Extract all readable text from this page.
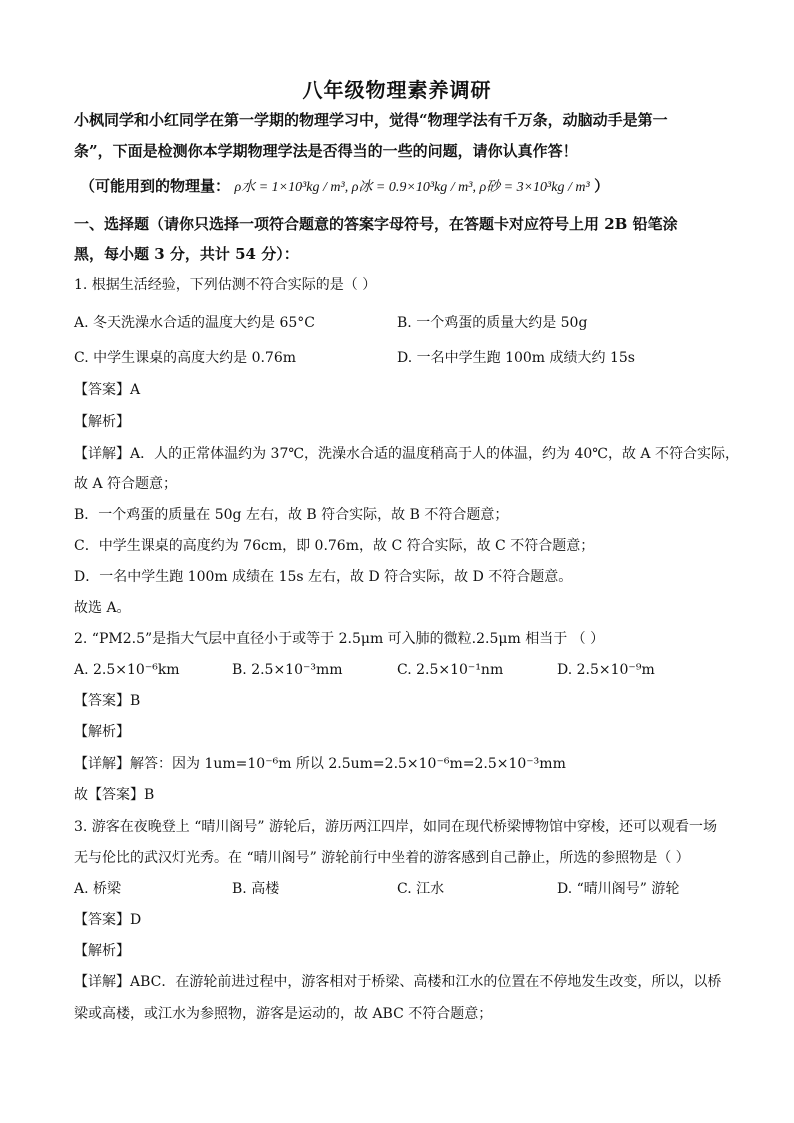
八年级物理素养调研
小枫同学和小红同学在第一学期的物理学习中，觉得“物理学法有千万条，动脑动手是第一
条”，下面是检测你本学期物理学法是否得当的一些的问题，请你认真作答！
（可能用到的物理量： ρ水 = 1×10³kg / m³, ρ冰 = 0.9×10³kg / m³, ρ砂 = 3×10³kg / m³ ）
一、选择题（请你只选择一项符合题意的答案字母符号，在答题卡对应符号上用 2B 铅笔涂
黑，每小题 3 分，共计 54 分）：
1. 根据生活经验，下列估测不符合实际的是（ ）
A. 冬天洗澡水合适的温度大约是 65°C	B. 一个鸡蛋的质量大约是 50g
C. 中学生课桌的高度大约是 0.76m	D. 一名中学生跑 100m 成绩大约 15s
【答案】A
【解析】
【详解】A．人的正常体温约为 37℃，洗澡水合适的温度稍高于人的体温，约为 40℃，故 A 不符合实际，
故 A 符合题意；
B．一个鸡蛋的质量在 50g 左右，故 B 符合实际，故 B 不符合题意；
C．中学生课桌的高度约为 76cm，即 0.76m，故 C 符合实际，故 C 不符合题意；
D．一名中学生跑 100m 成绩在 15s 左右，故 D 符合实际，故 D 不符合题意。
故选 A。
2. “PM2.5”是指大气层中直径小于或等于 2.5μm 可入肺的微粒.2.5μm 相当于 （ ）
A. 2.5×10⁻⁶km	B. 2.5×10⁻³mm	C. 2.5×10⁻¹nm	D. 2.5×10⁻⁹m
【答案】B
【解析】
【详解】解答：因为 1um=10⁻⁶m 所以 2.5um=2.5×10⁻⁶m=2.5×10⁻³mm
故【答案】B
3. 游客在夜晚登上 “晴川阁号” 游轮后，游历两江四岸，如同在现代桥梁博物馆中穿梭，还可以观看一场
无与伦比的武汉灯光秀。在 “晴川阁号” 游轮前行中坐着的游客感到自己静止，所选的参照物是（ ）
A. 桥梁	B. 高楼	C. 江水	D. “晴川阁号” 游轮
【答案】D
【解析】
【详解】ABC．在游轮前进过程中，游客相对于桥梁、高楼和江水的位置在不停地发生改变，所以，以桥
梁或高楼，或江水为参照物，游客是运动的，故 ABC 不符合题意；
